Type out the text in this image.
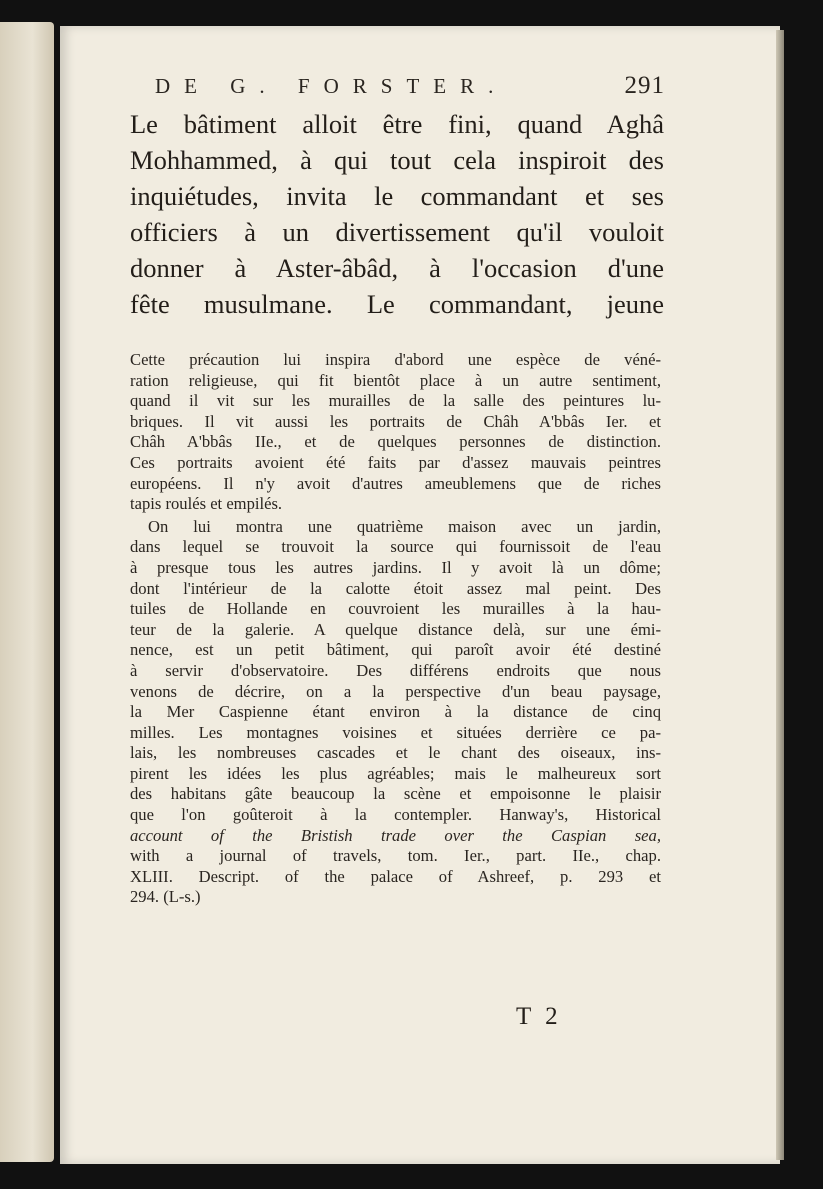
DE G. FORSTER.	291
Le bâtiment alloit être fini, quand Aghâ
Mohhammed, à qui tout cela inspiroit des
inquiétudes, invita le commandant et ses
officiers à un divertissement qu'il vouloit
donner à Aster-âbâd, à l'occasion d'une
fête musulmane. Le commandant, jeune
Cette précaution lui inspira d'abord une espèce de véné-
ration religieuse, qui fit bientôt place à un autre sentiment,
quand il vit sur les murailles de la salle des peintures lu-
briques. Il vit aussi les portraits de Châh A'bbâs Ier. et
Châh A'bbâs IIe., et de quelques personnes de distinction.
Ces portraits avoient été faits par d'assez mauvais peintres
européens. Il n'y avoit d'autres ameublemens que de riches
tapis roulés et empilés.
On lui montra une quatrième maison avec un jardin,
dans lequel se trouvoit la source qui fournissoit de l'eau
à presque tous les autres jardins. Il y avoit là un dôme;
dont l'intérieur de la calotte étoit assez mal peint. Des
tuiles de Hollande en couvroient les murailles à la hau-
teur de la galerie. A quelque distance delà, sur une émi-
nence, est un petit bâtiment, qui paroît avoir été destiné
à servir d'observatoire. Des différens endroits que nous
venons de décrire, on a la perspective d'un beau paysage,
la Mer Caspienne étant environ à la distance de cinq
milles. Les montagnes voisines et situées derrière ce pa-
lais, les nombreuses cascades et le chant des oiseaux, ins-
pirent les idées les plus agréables; mais le malheureux sort
des habitans gâte beaucoup la scène et empoisonne le plaisir
que l'on goûteroit à la contempler. Hanway's, Historical
account of the Bristish trade over the Caspian sea,
with a journal of travels, tom. Ier., part. IIe., chap.
XLIII. Descript. of the palace of Ashreef, p. 293 et
294. (L-s.)
T 2
